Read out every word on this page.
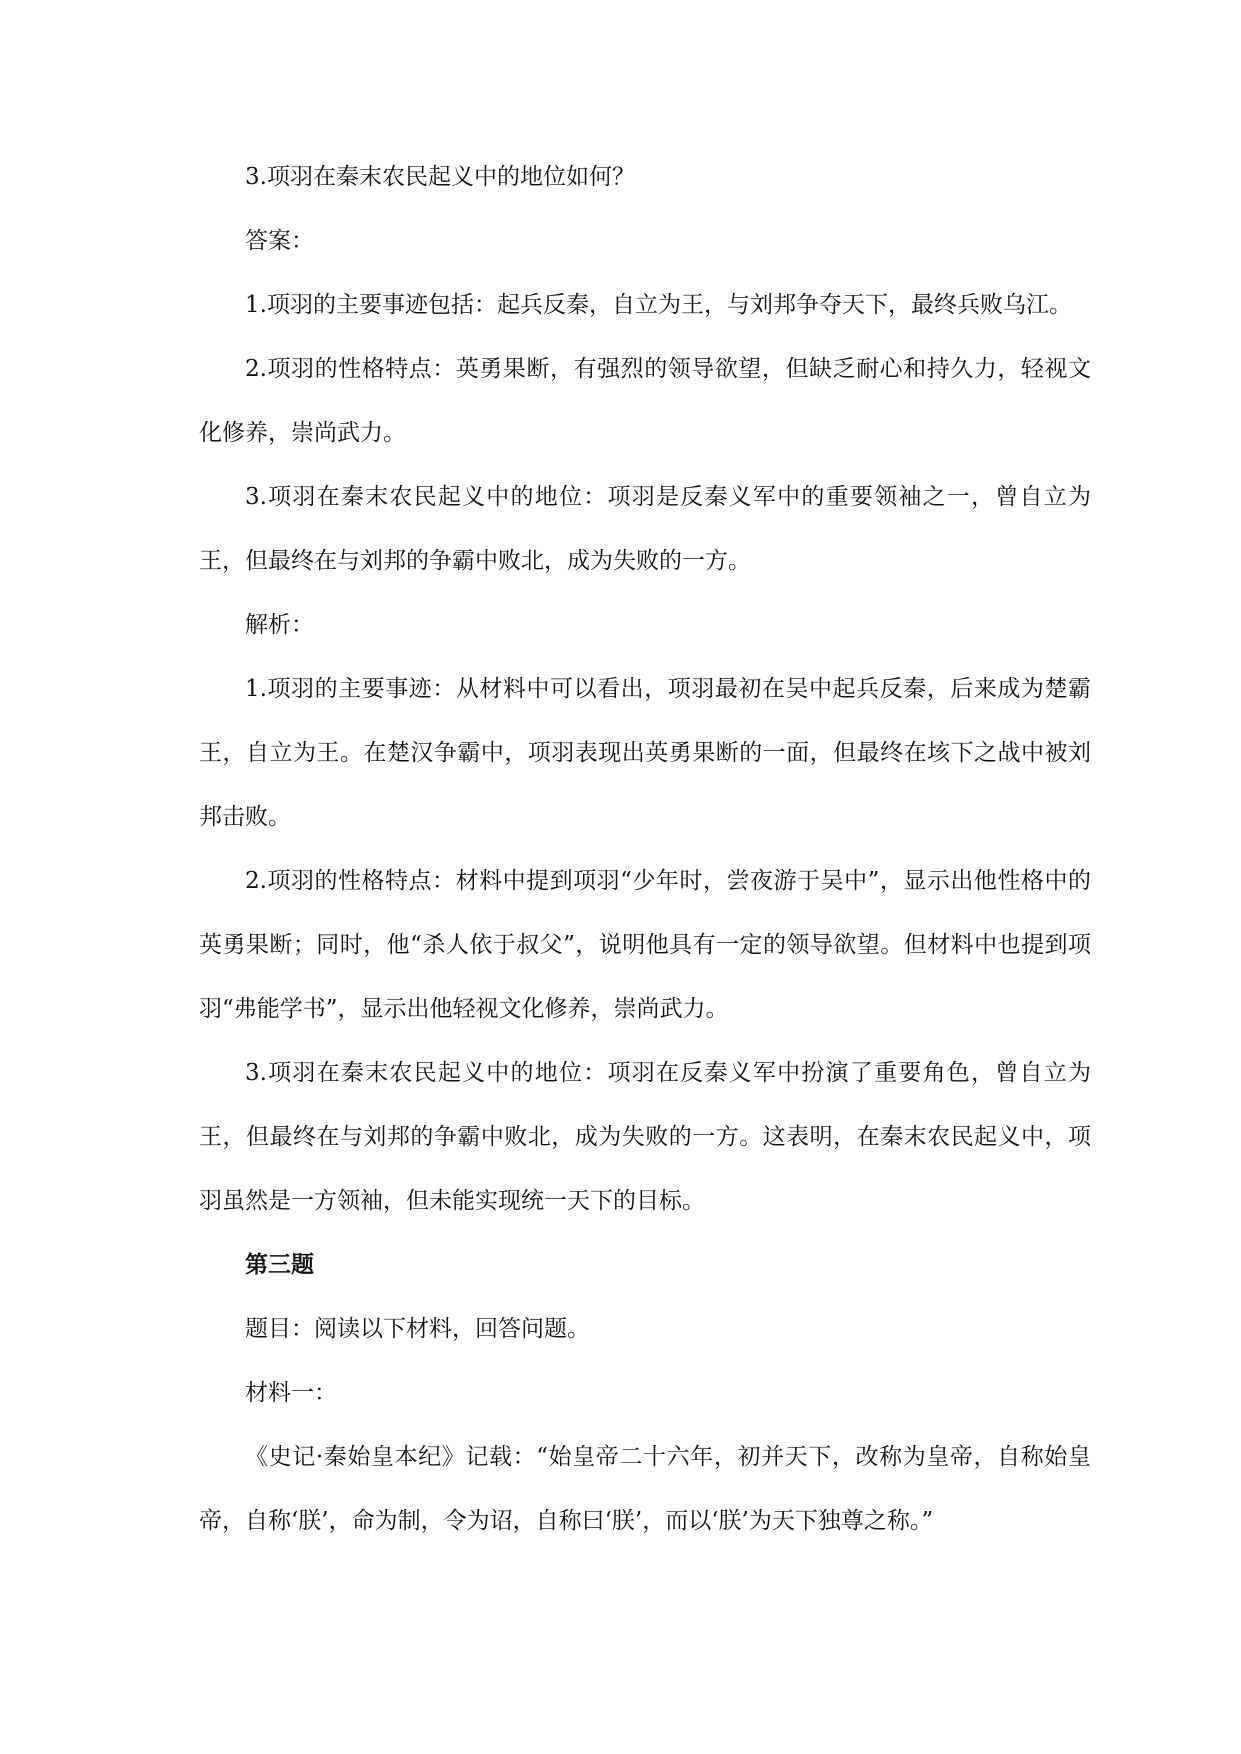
3.项羽在秦末农民起义中的地位如何？

答案：

1.项羽的主要事迹包括：起兵反秦，自立为王，与刘邦争夺天下，最终兵败乌江。

2.项羽的性格特点：英勇果断，有强烈的领导欲望，但缺乏耐心和持久力，轻视文化修养，崇尚武力。

3.项羽在秦末农民起义中的地位：项羽是反秦义军中的重要领袖之一，曾自立为王，但最终在与刘邦的争霸中败北，成为失败的一方。

解析：

1.项羽的主要事迹：从材料中可以看出，项羽最初在吴中起兵反秦，后来成为楚霸王，自立为王。在楚汉争霸中，项羽表现出英勇果断的一面，但最终在垓下之战中被刘邦击败。

2.项羽的性格特点：材料中提到项羽“少年时，尝夜游于吴中”，显示出他性格中的英勇果断；同时，他“杀人依于叔父”，说明他具有一定的领导欲望。但材料中也提到项羽“弗能学书”，显示出他轻视文化修养，崇尚武力。

3.项羽在秦末农民起义中的地位：项羽在反秦义军中扮演了重要角色，曾自立为王，但最终在与刘邦的争霸中败北，成为失败的一方。这表明，在秦末农民起义中，项羽虽然是一方领袖，但未能实现统一天下的目标。

第三题

题目：阅读以下材料，回答问题。

材料一：

《史记·秦始皇本纪》记载：“始皇帝二十六年，初并天下，改称为皇帝，自称始皇帝，自称‘朕’，命为制，令为诏，自称曰‘朕’，而以‘朕’为天下独尊之称。”
